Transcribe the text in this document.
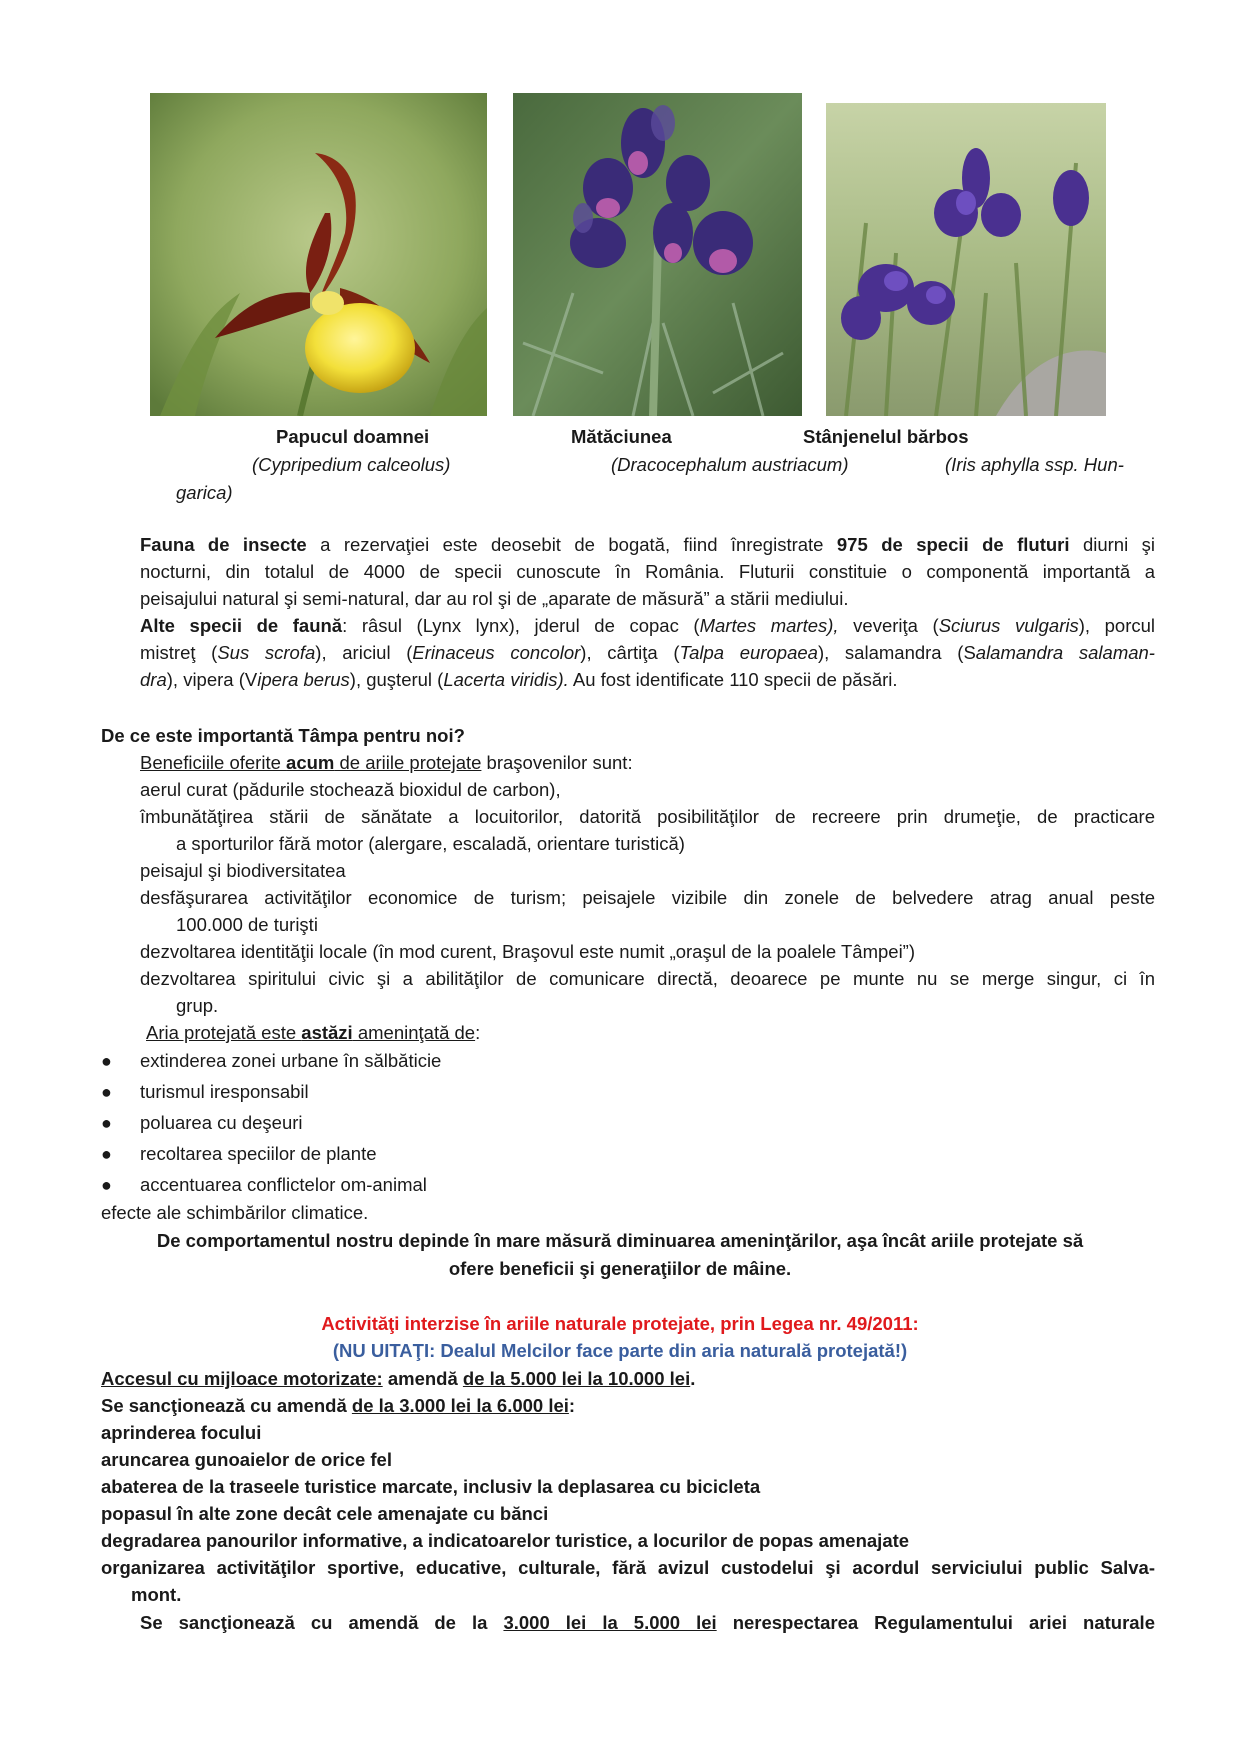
Papucul doamnei	Mătăciunea	Stânjenelul bărbos
(Cypripedium calceolus)	(Dracocephalum austriacum)	(Iris aphylla ssp. Hun-
garica)
Fauna de insecte a rezervaţiei este deosebit de bogată, fiind înregistrate 975 de specii de fluturi diurni şi
nocturni, din totalul de 4000 de specii cunoscute în România. Fluturii constituie o componentă importantă a
peisajului natural şi semi-natural, dar au rol şi de „aparate de măsură” a stării mediului.
Alte specii de faună: râsul (Lynx lynx), jderul de copac (Martes martes), veveriţa (Sciurus vulgaris), porcul
mistreţ (Sus scrofa), ariciul (Erinaceus concolor), cârtiţa (Talpa europaea), salamandra (Salamandra salaman-
dra), vipera (Vipera berus), guşterul (Lacerta viridis). Au fost identificate 110 specii de păsări.
De ce este importantă Tâmpa pentru noi?
Beneficiile oferite acum de ariile protejate braşovenilor sunt:
aerul curat (pădurile stochează bioxidul de carbon),
îmbunătăţirea stării de sănătate a locuitorilor, datorită posibilităţilor de recreere prin drumeţie, de practicare
a sporturilor fără motor (alergare, escaladă, orientare turistică)
peisajul şi biodiversitatea
desfăşurarea activităţilor economice de turism; peisajele vizibile din zonele de belvedere atrag anual peste
100.000 de turişti
dezvoltarea identităţii locale (în mod curent, Braşovul este numit „oraşul de la poalele Tâmpei”)
dezvoltarea spiritului civic şi a abilităţilor de comunicare directă, deoarece pe munte nu se merge singur, ci în
grup.
Aria protejată este astăzi ameninţată de:
● extinderea zonei urbane în sălbăticie
● turismul iresponsabil
● poluarea cu deşeuri
● recoltarea speciilor de plante
● accentuarea conflictelor om-animal
efecte ale schimbărilor climatice.
De comportamentul nostru depinde în mare măsură diminuarea ameninţărilor, aşa încât ariile protejate să
ofere beneficii şi generaţiilor de mâine.
Activităţi interzise în ariile naturale protejate, prin Legea nr. 49/2011:
(NU UITAŢI: Dealul Melcilor face parte din aria naturală protejată!)
Accesul cu mijloace motorizate: amendă de la 5.000 lei la 10.000 lei.
Se sancţionează cu amendă de la 3.000 lei la 6.000 lei:
aprinderea focului
aruncarea gunoaielor de orice fel
abaterea de la traseele turistice marcate, inclusiv la deplasarea cu bicicleta
popasul în alte zone decât cele amenajate cu bănci
degradarea panourilor informative, a indicatoarelor turistice, a locurilor de popas amenajate
organizarea activităţilor sportive, educative, culturale, fără avizul custodelui şi acordul serviciului public Salva-
mont.
Se sancţionează cu amendă de la 3.000 lei la 5.000 lei nerespectarea Regulamentului ariei naturale
